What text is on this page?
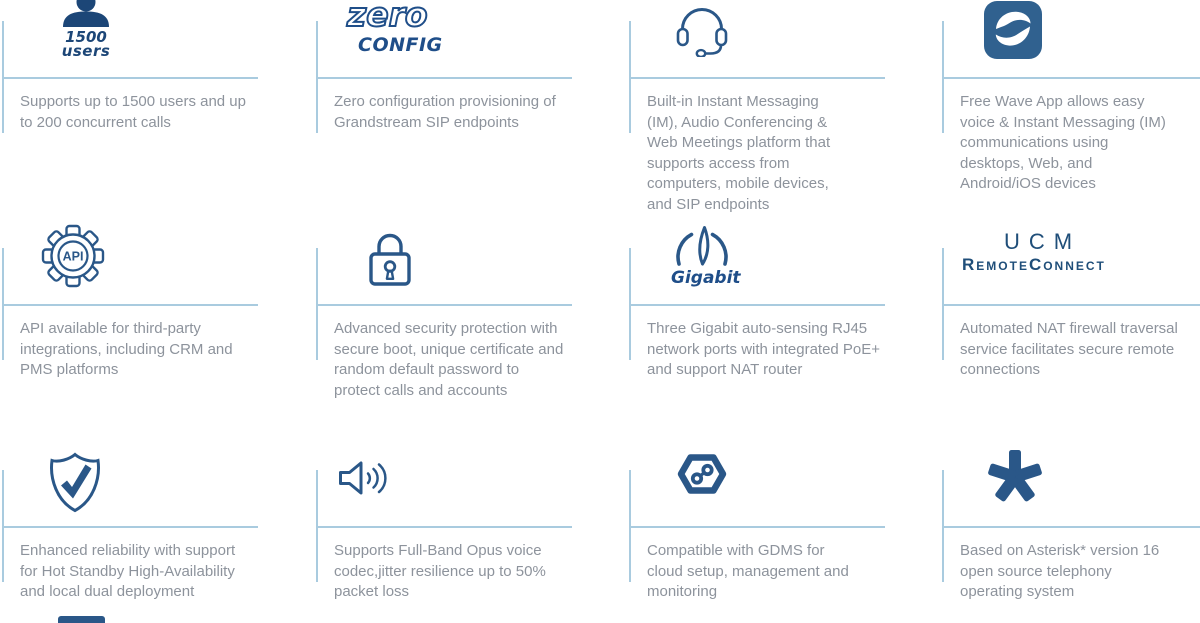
1500
users

Supports up to 1500 users and up to 200 concurrent calls

zero
CONFIG

Zero configuration provisioning of Grandstream SIP endpoints

Built-in Instant Messaging (IM), Audio Conferencing & Web Meetings platform that supports access from computers, mobile devices, and SIP endpoints

Free Wave App allows easy voice & Instant Messaging (IM) communications using desktops, Web, and Android/iOS devices

API

API available for third-party integrations, including CRM and PMS platforms

Advanced security protection with secure boot, unique certificate and random default password to protect calls and accounts

Gigabit

Three Gigabit auto-sensing RJ45 network ports with integrated PoE+ and support NAT router

UCM
RemoteConnect

Automated NAT firewall traversal service facilitates secure remote connections

Enhanced reliability with support for Hot Standby High-Availability and local dual deployment

Supports Full-Band Opus voice codec,jitter resilience up to 50% packet loss

Compatible with GDMS for cloud setup, management and monitoring

Based on Asterisk* version 16 open source telephony operating system
